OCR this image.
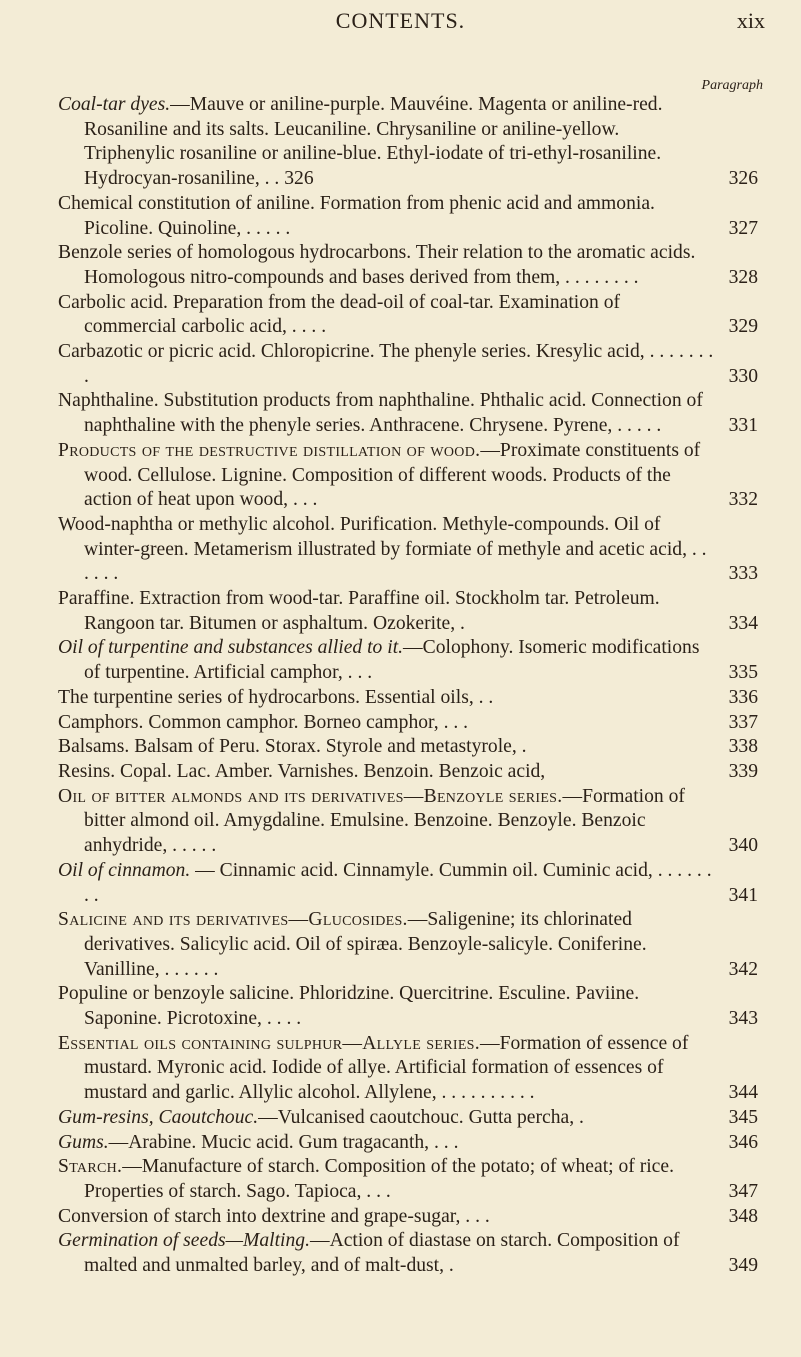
CONTENTS.	xix
Paragraph
Coal-tar dyes.—Mauve or aniline-purple. Mauvéine. Magenta or aniline-red. Rosaniline and its salts. Leucaniline. Chrysaniline or aniline-yellow. Triphenylic rosaniline or aniline-blue. Ethyl-iodate of tri-ethyl-rosaniline. Hydrocyan-rosaniline, . . 326	326
Chemical constitution of aniline. Formation from phenic acid and ammonia. Picoline. Quinoline, . . . . .	327
Benzole series of homologous hydrocarbons. Their relation to the aromatic acids. Homologous nitro-compounds and bases derived from them, . . . . . . . .	328
Carbolic acid. Preparation from the dead-oil of coal-tar. Examination of commercial carbolic acid, . . . .	329
Carbazotic or picric acid. Chloropicrine. The phenyle series. Kresylic acid, . . . . . . . .	330
Naphthaline. Substitution products from naphthaline. Phthalic acid. Connection of naphthaline with the phenyle series. Anthracene. Chrysene. Pyrene, . . . . .	331
Products of the destructive distillation of wood.—Proximate constituents of wood. Cellulose. Lignine. Composition of different woods. Products of the action of heat upon wood, . . .	332
Wood-naphtha or methylic alcohol. Purification. Methyle-compounds. Oil of winter-green. Metamerism illustrated by formiate of methyle and acetic acid, . . . . . .	333
Paraffine. Extraction from wood-tar. Paraffine oil. Stockholm tar. Petroleum. Rangoon tar. Bitumen or asphaltum. Ozokerite, .	334
Oil of turpentine and substances allied to it.—Colophony. Isomeric modifications of turpentine. Artificial camphor, . . .	335
The turpentine series of hydrocarbons. Essential oils, . .	336
Camphors. Common camphor. Borneo camphor, . . .	337
Balsams. Balsam of Peru. Storax. Styrole and metastyrole, .	338
Resins. Copal. Lac. Amber. Varnishes. Benzoin. Benzoic acid,	339
Oil of bitter almonds and its derivatives—Benzoyle series.—Formation of bitter almond oil. Amygdaline. Emulsine. Benzoine. Benzoyle. Benzoic anhydride, . . . . .	340
Oil of cinnamon. — Cinnamic acid. Cinnamyle. Cummin oil. Cuminic acid, . . . . . . . .	341
Salicine and its derivatives—Glucosides.—Saligenine; its chlorinated derivatives. Salicylic acid. Oil of spiræa. Benzoyle-salicyle. Coniferine. Vanilline, . . . . . .	342
Populine or benzoyle salicine. Phloridzine. Quercitrine. Esculine. Paviine. Saponine. Picrotoxine, . . . .	343
Essential oils containing sulphur—Allyle series.—Formation of essence of mustard. Myronic acid. Iodide of allye. Artificial formation of essences of mustard and garlic. Allylic alcohol. Allylene, . . . . . . . . . .	344
Gum-resins, Caoutchouc.—Vulcanised caoutchouc. Gutta percha, .	345
Gums.—Arabine. Mucic acid. Gum tragacanth, . . .	346
Starch.—Manufacture of starch. Composition of the potato; of wheat; of rice. Properties of starch. Sago. Tapioca, . . .	347
Conversion of starch into dextrine and grape-sugar, . . .	348
Germination of seeds—Malting.—Action of diastase on starch. Composition of malted and unmalted barley, and of malt-dust, .	349
